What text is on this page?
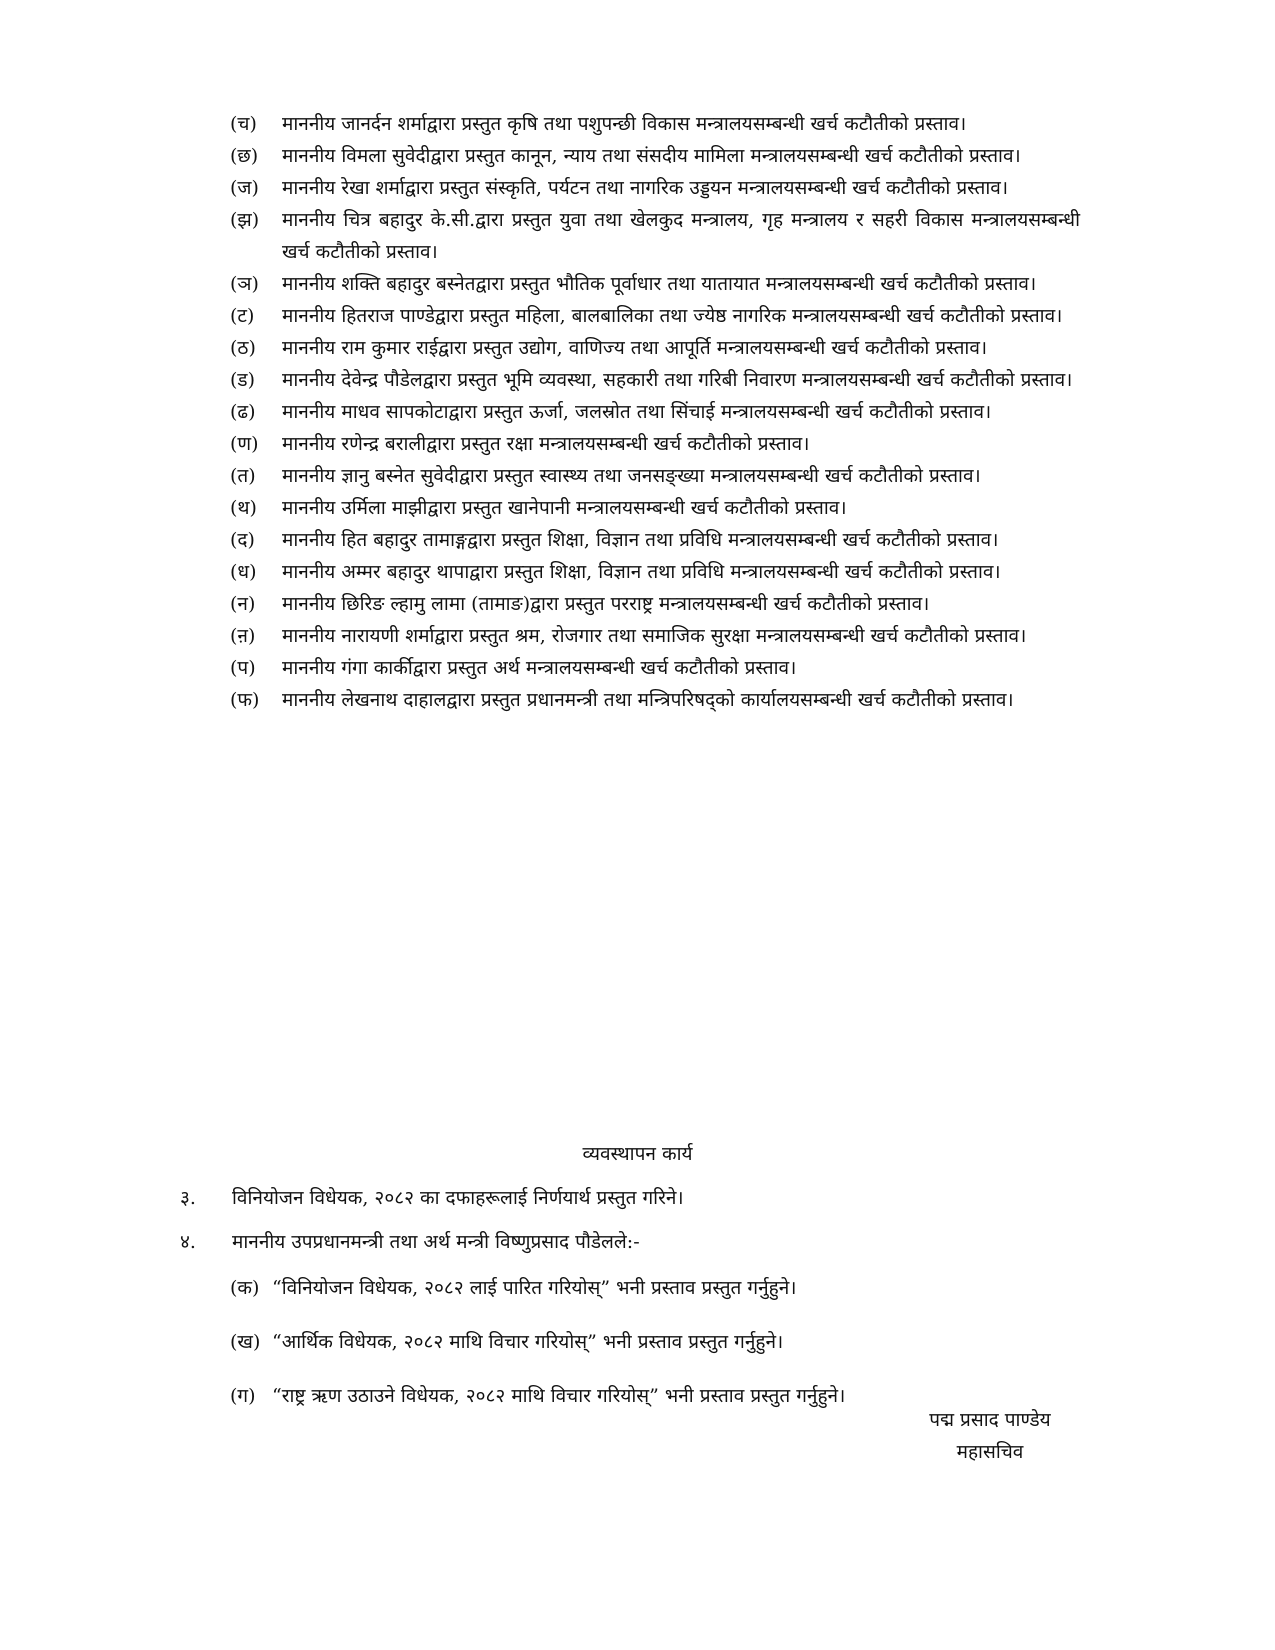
(च)	माननीय जानर्दन शर्माद्वारा प्रस्तुत कृषि तथा पशुपन्छी विकास मन्त्रालयसम्बन्धी खर्च कटौतीको प्रस्ताव।
(छ)	माननीय विमला सुवेदीद्वारा प्रस्तुत कानून, न्याय तथा संसदीय मामिला मन्त्रालयसम्बन्धी खर्च कटौतीको प्रस्ताव।
(ज)	माननीय रेखा शर्माद्वारा प्रस्तुत संस्कृति, पर्यटन तथा नागरिक उड्डयन मन्त्रालयसम्बन्धी खर्च कटौतीको प्रस्ताव।
(झ)	माननीय चित्र बहादुर के.सी.द्वारा प्रस्तुत युवा तथा खेलकुद मन्त्रालय, गृह मन्त्रालय र सहरी विकास मन्त्रालयसम्बन्धी खर्च कटौतीको प्रस्ताव।
(ञ)	माननीय शक्ति बहादुर बस्नेतद्वारा प्रस्तुत भौतिक पूर्वाधार तथा यातायात मन्त्रालयसम्बन्धी खर्च कटौतीको प्रस्ताव।
(ट)	माननीय हितराज पाण्डेद्वारा प्रस्तुत महिला, बालबालिका तथा ज्येष्ठ नागरिक मन्त्रालयसम्बन्धी खर्च कटौतीको प्रस्ताव।
(ठ)	माननीय राम कुमार राईद्वारा प्रस्तुत उद्योग, वाणिज्य तथा आपूर्ति मन्त्रालयसम्बन्धी खर्च कटौतीको प्रस्ताव।
(ड)	माननीय देवेन्द्र पौडेलद्वारा प्रस्तुत भूमि व्यवस्था, सहकारी तथा गरिबी निवारण मन्त्रालयसम्बन्धी खर्च कटौतीको प्रस्ताव।
(ढ)	माननीय माधव सापकोटाद्वारा प्रस्तुत ऊर्जा, जलस्रोत तथा सिंचाई मन्त्रालयसम्बन्धी खर्च कटौतीको प्रस्ताव।
(ण)	माननीय रणेन्द्र बरालीद्वारा प्रस्तुत रक्षा मन्त्रालयसम्बन्धी खर्च कटौतीको प्रस्ताव।
(त)	माननीय ज्ञानु बस्नेत सुवेदीद्वारा प्रस्तुत स्वास्थ्य तथा जनसङ्ख्या मन्त्रालयसम्बन्धी खर्च कटौतीको प्रस्ताव।
(थ)	माननीय उर्मिला माझीद्वारा प्रस्तुत खानेपानी मन्त्रालयसम्बन्धी खर्च कटौतीको प्रस्ताव।
(द)	माननीय हित बहादुर तामाङ्गद्वारा प्रस्तुत शिक्षा, विज्ञान तथा प्रविधि मन्त्रालयसम्बन्धी खर्च कटौतीको प्रस्ताव।
(ध)	माननीय अम्मर बहादुर थापाद्वारा प्रस्तुत शिक्षा, विज्ञान तथा प्रविधि मन्त्रालयसम्बन्धी खर्च कटौतीको प्रस्ताव।
(न)	माननीय छिरिङ ल्हामु लामा (तामाङ)द्वारा प्रस्तुत परराष्ट्र मन्त्रालयसम्बन्धी खर्च कटौतीको प्रस्ताव।
(ऩ)	माननीय नारायणी शर्माद्वारा प्रस्तुत श्रम, रोजगार तथा समाजिक सुरक्षा मन्त्रालयसम्बन्धी खर्च कटौतीको प्रस्ताव।
(प)	माननीय गंगा कार्कीद्वारा प्रस्तुत अर्थ मन्त्रालयसम्बन्धी खर्च कटौतीको प्रस्ताव।
(फ)	माननीय लेखनाथ दाहालद्वारा प्रस्तुत प्रधानमन्त्री तथा मन्त्रिपरिषद्को कार्यालयसम्बन्धी खर्च कटौतीको प्रस्ताव।
व्यवस्थापन कार्य
३.	विनियोजन विधेयक, २०८२ का दफाहरूलाई निर्णयार्थ प्रस्तुत गरिने।
४.	माननीय उपप्रधानमन्त्री तथा अर्थ मन्त्री विष्णुप्रसाद पौडेलले:-
(क) “विनियोजन विधेयक, २०८२ लाई पारित गरियोस्” भनी प्रस्ताव प्रस्तुत गर्नुहुने।
(ख) “आर्थिक विधेयक, २०८२ माथि विचार गरियोस्” भनी प्रस्ताव प्रस्तुत गर्नुहुने।
(ग) “राष्ट्र ऋण उठाउने विधेयक, २०८२ माथि विचार गरियोस्” भनी प्रस्ताव प्रस्तुत गर्नुहुने।
पद्म प्रसाद पाण्डेय
महासचिव
